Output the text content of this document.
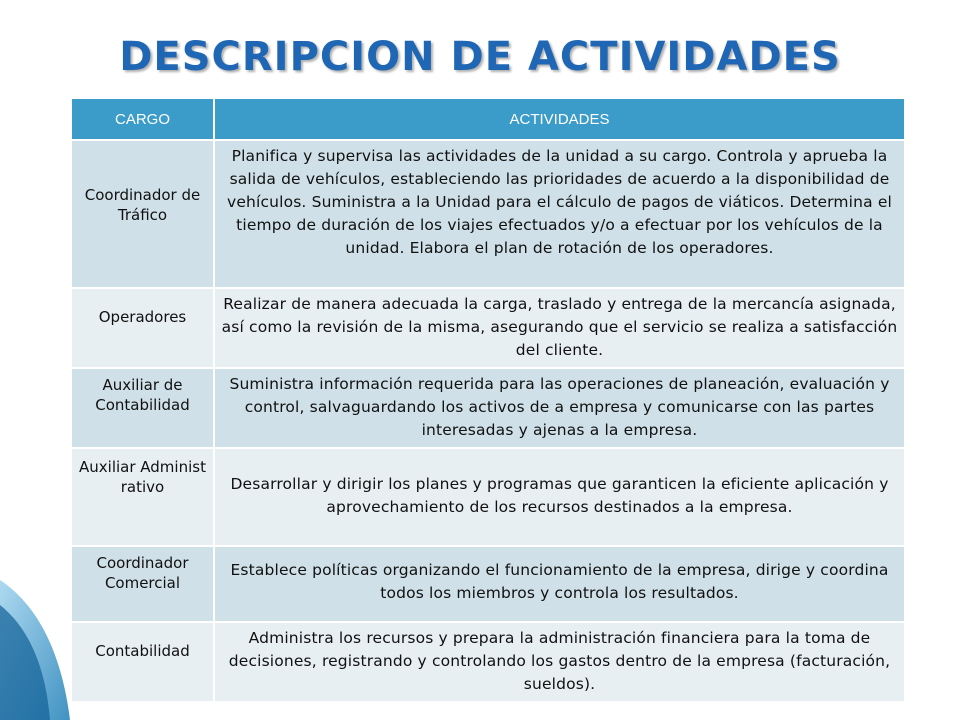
DESCRIPCION DE ACTIVIDADES
CARGO	ACTIVIDADES
Coordinador de Tráfico	Planifica y supervisa las actividades de la unidad a su cargo. Controla y aprueba la salida de vehículos, estableciendo las prioridades de acuerdo a la disponibilidad de vehículos. Suministra a la Unidad para el cálculo de pagos de viáticos. Determina el tiempo de duración de los viajes efectuados y/o a efectuar por los vehículos de la unidad. Elabora el plan de rotación de los operadores.
Operadores	Realizar de manera adecuada la carga, traslado y entrega de la mercancía asignada, así como la revisión de la misma, asegurando que el servicio se realiza a satisfacción del cliente.
Auxiliar de Contabilidad	Suministra información requerida para las operaciones de planeación, evaluación y control, salvaguardando los activos de a empresa y comunicarse con las partes interesadas y ajenas a la empresa.
Auxiliar Administrativo	Desarrollar y dirigir los planes y programas que garanticen la eficiente aplicación y aprovechamiento de los recursos destinados a la empresa.
Coordinador Comercial	Establece políticas organizando el funcionamiento de la empresa, dirige y coordina todos los miembros y controla los resultados.
Contabilidad	Administra los recursos y prepara la administración financiera para la toma de decisiones, registrando y controlando los gastos dentro de la empresa (facturación, sueldos).
